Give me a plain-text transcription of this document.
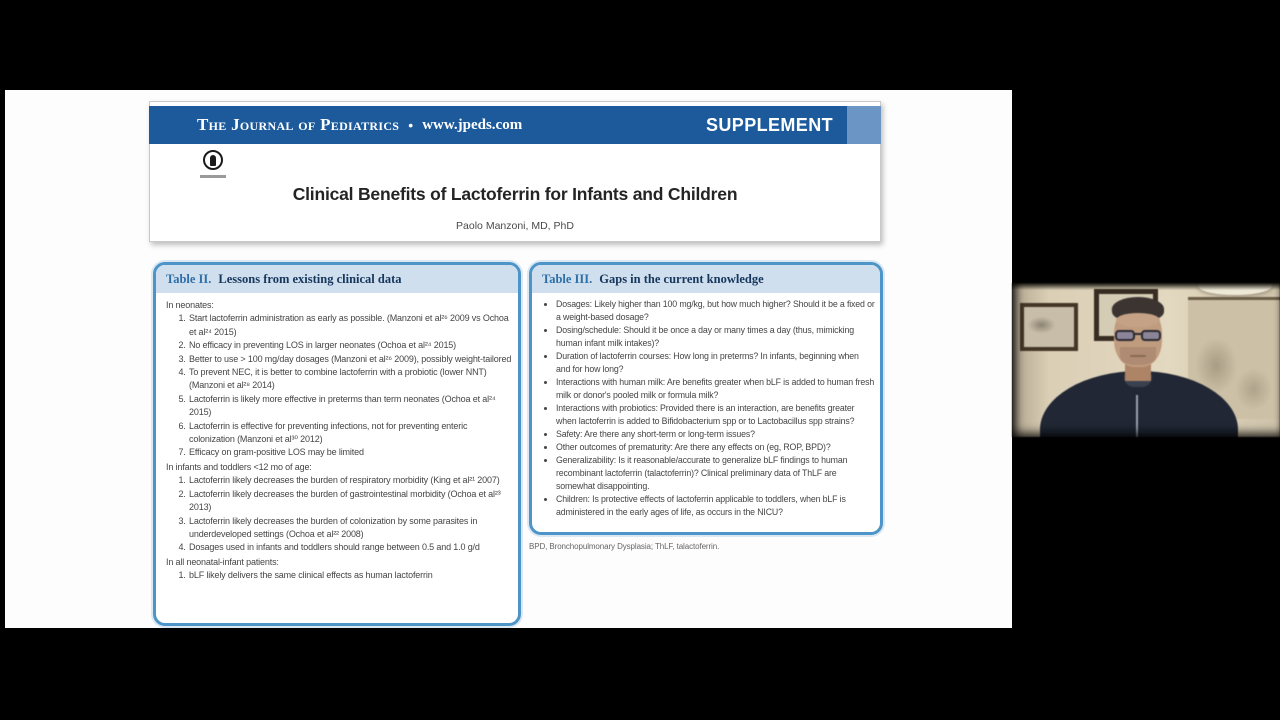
The Journal of Pediatrics • www.jpeds.com	SUPPLEMENT
Clinical Benefits of Lactoferrin for Infants and Children
Paolo Manzoni, MD, PhD
Table II. Lessons from existing clinical data
In neonates:
1. Start lactoferrin administration as early as possible. (Manzoni et al²⁶ 2009 vs Ochoa et al²⁴ 2015)
2. No efficacy in preventing LOS in larger neonates (Ochoa et al²⁴ 2015)
3. Better to use > 100 mg/day dosages (Manzoni et al²⁶ 2009), possibly weight-tailored
4. To prevent NEC, it is better to combine lactoferrin with a probiotic (lower NNT) (Manzoni et al²⁸ 2014)
5. Lactoferrin is likely more effective in preterms than term neonates (Ochoa et al²⁴ 2015)
6. Lactoferrin is effective for preventing infections, not for preventing enteric colonization (Manzoni et al³⁰ 2012)
7. Efficacy on gram-positive LOS may be limited
In infants and toddlers <12 mo of age:
1. Lactoferrin likely decreases the burden of respiratory morbidity (King et al²¹ 2007)
2. Lactoferrin likely decreases the burden of gastrointestinal morbidity (Ochoa et al²³ 2013)
3. Lactoferrin likely decreases the burden of colonization by some parasites in underdeveloped settings (Ochoa et al²² 2008)
4. Dosages used in infants and toddlers should range between 0.5 and 1.0 g/d
In all neonatal-infant patients:
1. bLF likely delivers the same clinical effects as human lactoferrin
Table III. Gaps in the current knowledge
• Dosages: Likely higher than 100 mg/kg, but how much higher? Should it be a fixed or a weight-based dosage?
• Dosing/schedule: Should it be once a day or many times a day (thus, mimicking human infant milk intakes)?
• Duration of lactoferrin courses: How long in preterms? In infants, beginning when and for how long?
• Interactions with human milk: Are benefits greater when bLF is added to human fresh milk or donor's pooled milk or formula milk?
• Interactions with probiotics: Provided there is an interaction, are benefits greater when lactoferrin is added to Bifidobacterium spp or to Lactobacillus spp strains?
• Safety: Are there any short-term or long-term issues?
• Other outcomes of prematurity: Are there any effects on (eg, ROP, BPD)?
• Generalizability: Is it reasonable/accurate to generalize bLF findings to human recombinant lactoferrin (talactoferrin)? Clinical preliminary data of ThLF are somewhat disappointing.
• Children: Is protective effects of lactoferrin applicable to toddlers, when bLF is administered in the early ages of life, as occurs in the NICU?
BPD, Bronchopulmonary Dysplasia; ThLF, talactoferrin.
